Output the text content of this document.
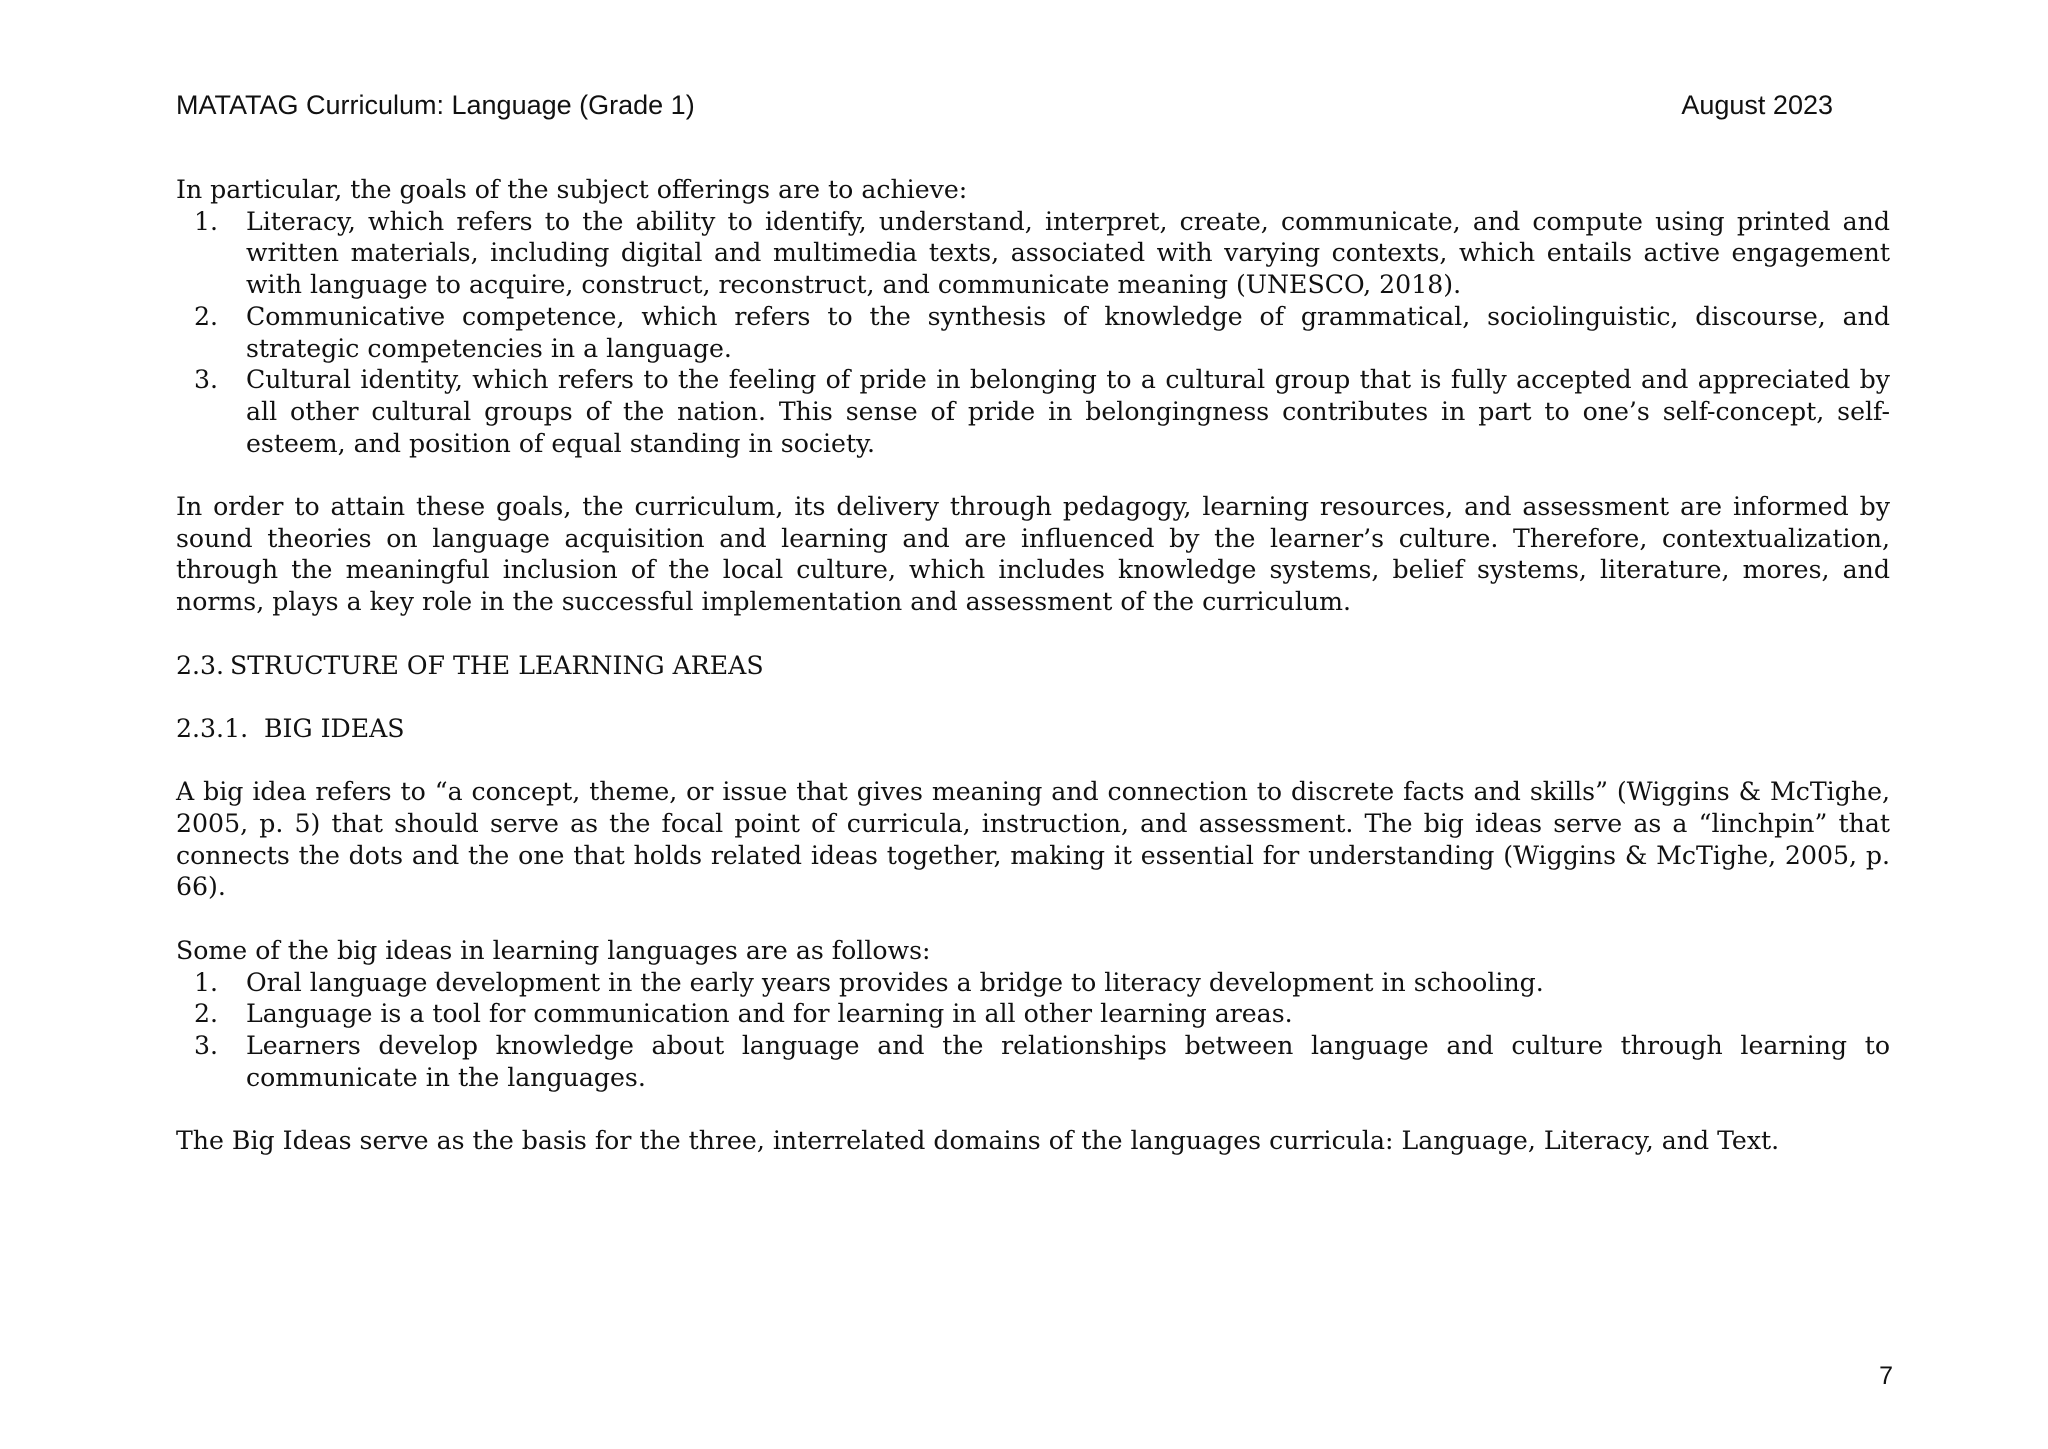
MATATAG Curriculum: Language (Grade 1)	August 2023

In particular, the goals of the subject offerings are to achieve:

1. Literacy, which refers to the ability to identify, understand, interpret, create, communicate, and compute using printed and written materials, including digital and multimedia texts, associated with varying contexts, which entails active engagement with language to acquire, construct, reconstruct, and communicate meaning (UNESCO, 2018).
2. Communicative competence, which refers to the synthesis of knowledge of grammatical, sociolinguistic, discourse, and strategic competencies in a language.
3. Cultural identity, which refers to the feeling of pride in belonging to a cultural group that is fully accepted and appreciated by all other cultural groups of the nation. This sense of pride in belongingness contributes in part to one’s self-concept, self-esteem, and position of equal standing in society.

In order to attain these goals, the curriculum, its delivery through pedagogy, learning resources, and assessment are informed by sound theories on language acquisition and learning and are influenced by the learner’s culture. Therefore, contextualization, through the meaningful inclusion of the local culture, which includes knowledge systems, belief systems, literature, mores, and norms, plays a key role in the successful implementation and assessment of the curriculum.

2.3. STRUCTURE OF THE LEARNING AREAS

2.3.1. BIG IDEAS

A big idea refers to “a concept, theme, or issue that gives meaning and connection to discrete facts and skills” (Wiggins & McTighe, 2005, p. 5) that should serve as the focal point of curricula, instruction, and assessment. The big ideas serve as a “linchpin” that connects the dots and the one that holds related ideas together, making it essential for understanding (Wiggins & McTighe, 2005, p. 66).

Some of the big ideas in learning languages are as follows:

1. Oral language development in the early years provides a bridge to literacy development in schooling.
2. Language is a tool for communication and for learning in all other learning areas.
3. Learners develop knowledge about language and the relationships between language and culture through learning to communicate in the languages.

The Big Ideas serve as the basis for the three, interrelated domains of the languages curricula: Language, Literacy, and Text.

7
